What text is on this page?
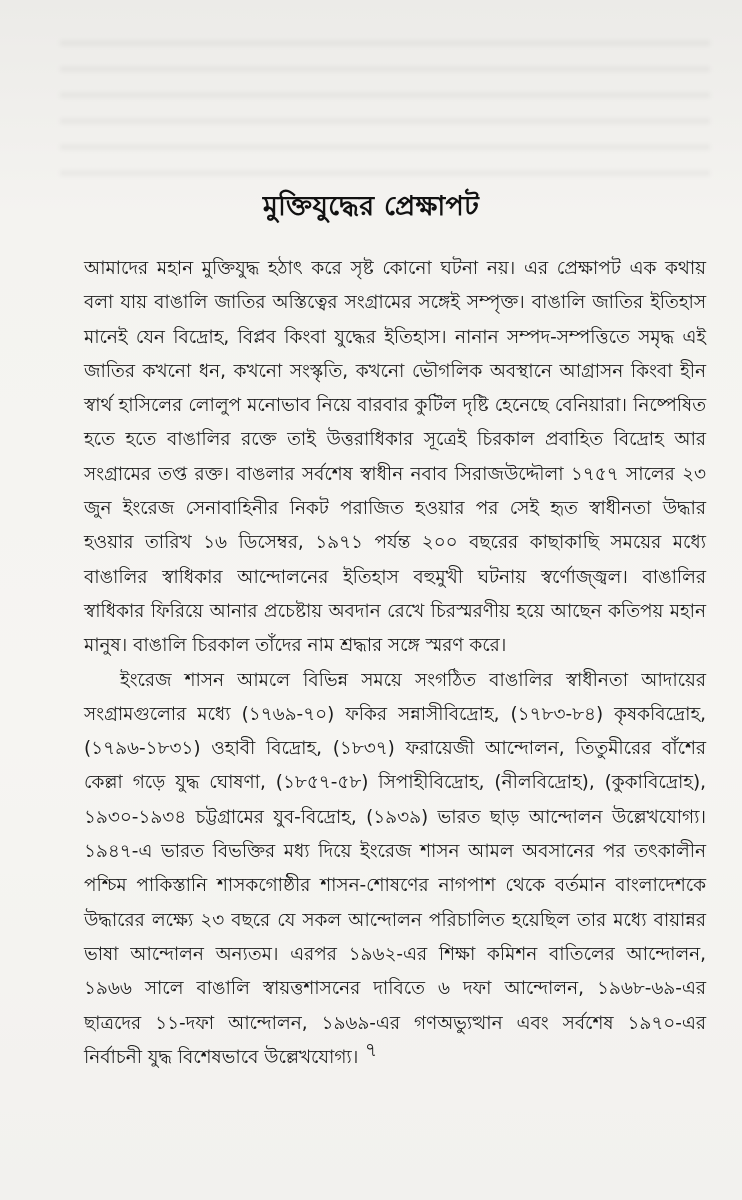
মুক্তিযুদ্ধের প্রেক্ষাপট

আমাদের মহান মুক্তিযুদ্ধ হঠাৎ করে সৃষ্ট কোনো ঘটনা নয়। এর প্রেক্ষাপট এক কথায় বলা যায় বাঙালি জাতির অস্তিত্বের সংগ্রামের সঙ্গেই সম্পৃক্ত। বাঙালি জাতির ইতিহাস মানেই যেন বিদ্রোহ, বিপ্লব কিংবা যুদ্ধের ইতিহাস। নানান সম্পদ-সম্পত্তিতে সমৃদ্ধ এই জাতির কখনো ধন, কখনো সংস্কৃতি, কখনো ভৌগলিক অবস্থানে আগ্রাসন কিংবা হীন স্বার্থ হাসিলের লোলুপ মনোভাব নিয়ে বারবার কুটিল দৃষ্টি হেনেছে বেনিয়ারা। নিষ্পেষিত হতে হতে বাঙালির রক্তে তাই উত্তরাধিকার সূত্রেই চিরকাল প্রবাহিত বিদ্রোহ আর সংগ্রামের তপ্ত রক্ত। বাঙলার সর্বশেষ স্বাধীন নবাব সিরাজউদ্দৌলা ১৭৫৭ সালের ২৩ জুন ইংরেজ সেনাবাহিনীর নিকট পরাজিত হওয়ার পর সেই হৃত স্বাধীনতা উদ্ধার হওয়ার তারিখ ১৬ ডিসেম্বর, ১৯৭১ পর্যন্ত ২০০ বছরের কাছাকাছি সময়ের মধ্যে বাঙালির স্বাধিকার আন্দোলনের ইতিহাস বহুমুখী ঘটনায় স্বর্ণোজ্জ্বল। বাঙালির স্বাধিকার ফিরিয়ে আনার প্রচেষ্টায় অবদান রেখে চিরস্মরণীয় হয়ে আছেন কতিপয় মহান মানুষ। বাঙালি চিরকাল তাঁদের নাম শ্রদ্ধার সঙ্গে স্মরণ করে।

ইংরেজ শাসন আমলে বিভিন্ন সময়ে সংগঠিত বাঙালির স্বাধীনতা আদায়ের সংগ্রামগুলোর মধ্যে (১৭৬৯-৭০) ফকির সন্নাসীবিদ্রোহ, (১৭৮৩-৮৪) কৃষকবিদ্রোহ, (১৭৯৬-১৮৩১) ওহাবী বিদ্রোহ, (১৮৩৭) ফরায়েজী আন্দোলন, তিতুমীরের বাঁশের কেল্লা গড়ে যুদ্ধ ঘোষণা, (১৮৫৭-৫৮) সিপাহীবিদ্রোহ, (নীলবিদ্রোহ), (কুকাবিদ্রোহ), ১৯৩০-১৯৩৪ চট্টগ্রামের যুব-বিদ্রোহ, (১৯৩৯) ভারত ছাড় আন্দোলন উল্লেখযোগ্য। ১৯৪৭-এ ভারত বিভক্তির মধ্য দিয়ে ইংরেজ শাসন আমল অবসানের পর তৎকালীন পশ্চিম পাকিস্তানি শাসকগোষ্ঠীর শাসন-শোষণের নাগপাশ থেকে বর্তমান বাংলাদেশকে উদ্ধারের লক্ষ্যে ২৩ বছরে যে সকল আন্দোলন পরিচালিত হয়েছিল তার মধ্যে বায়ান্নর ভাষা আন্দোলন অন্যতম। এরপর ১৯৬২-এর শিক্ষা কমিশন বাতিলের আন্দোলন, ১৯৬৬ সালে বাঙালি স্বায়ত্তশাসনের দাবিতে ৬ দফা আন্দোলন, ১৯৬৮-৬৯-এর ছাত্রদের ১১-দফা আন্দোলন, ১৯৬৯-এর গণঅভ্যুত্থান এবং সর্বশেষ ১৯৭০-এর নির্বাচনী যুদ্ধ বিশেষভাবে উল্লেখযোগ্য। ৭
